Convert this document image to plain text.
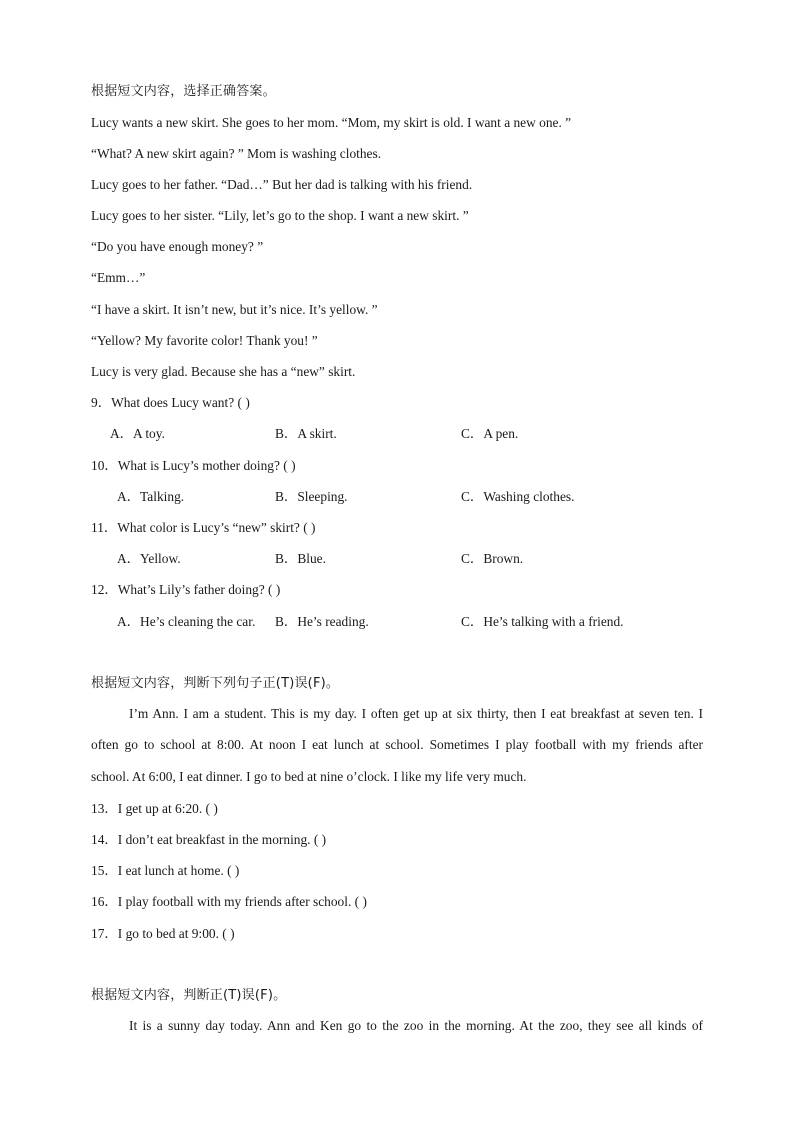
根据短文内容，选择正确答案。
Lucy wants a new skirt. She goes to her mom. “Mom, my skirt is old. I want a new one. ”
“What? A new skirt again? ” Mom is washing clothes.
Lucy goes to her father. “Dad…” But her dad is talking with his friend.
Lucy goes to her sister. “Lily, let’s go to the shop. I want a new skirt. ”
“Do you have enough money? ”
“Emm…”
“I have a skirt. It isn’t new, but it’s nice. It’s yellow. ”
“Yellow? My favorite color! Thank you! ”
Lucy is very glad. Because she has a “new” skirt.
9．What does Lucy want? ( )
A．A toy.	B．A skirt.	C．A pen.
10．What is Lucy’s mother doing? ( )
A．Talking.	B．Sleeping.	C．Washing clothes.
11．What color is Lucy’s “new” skirt? ( )
A．Yellow.	B．Blue.	C．Brown.
12．What’s Lily’s father doing? ( )
A．He’s cleaning the car. B．He’s reading.	C．He’s talking with a friend.
根据短文内容，判断下列句子正(T)误(F)。
I’m Ann. I am a student. This is my day. I often get up at six thirty, then I eat breakfast at seven ten. I
often go to school at 8:00. At noon I eat lunch at school. Sometimes I play football with my friends after
school. At 6:00, I eat dinner. I go to bed at nine o’clock. I like my life very much.
13．I get up at 6:20. ( )
14．I don’t eat breakfast in the morning. ( )
15．I eat lunch at home. ( )
16．I play football with my friends after school. ( )
17．I go to bed at 9:00. ( )
根据短文内容，判断正(T)误(F)。
It is a sunny day today. Ann and Ken go to the zoo in the morning. At the zoo, they see all kinds of
